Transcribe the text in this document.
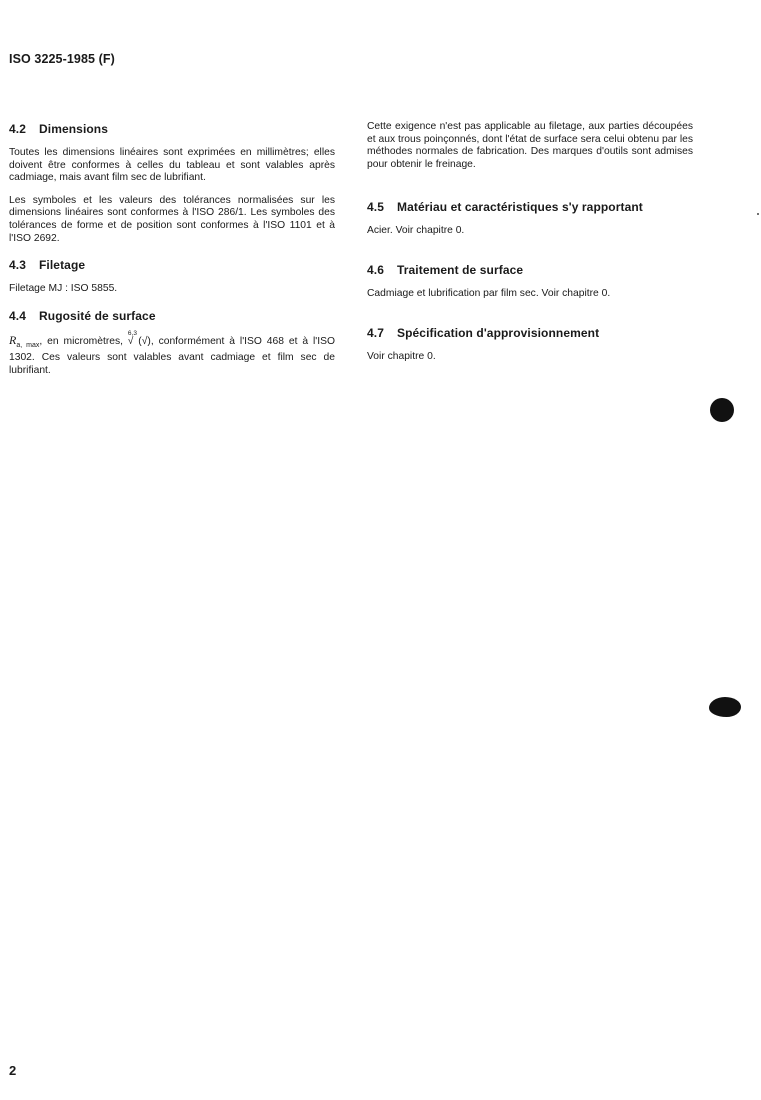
ISO 3225-1985 (F)
4.2 Dimensions

Toutes les dimensions linéaires sont exprimées en millimètres; elles doivent être conformes à celles du tableau et sont valables après cadmiage, mais avant film sec de lubrifiant.

Les symboles et les valeurs des tolérances normalisées sur les dimensions linéaires sont conformes à l'ISO 286/1. Les symboles des tolérances de forme et de position sont conformes à l'ISO 1101 et à l'ISO 2692.

4.3 Filetage

Filetage MJ : ISO 5855.

4.4 Rugosité de surface

$R_{a, max}$, en micromètres,
6,3
√ (√), conformément à l'ISO 468 et à l'ISO 1302. Ces valeurs sont valables avant cadmiage et film sec de lubrifiant.

Cette exigence n'est pas applicable au filetage, aux parties découpées et aux trous poinçonnés, dont l'état de surface sera celui obtenu par les méthodes normales de fabrication. Des marques d'outils sont admises pour obtenir le freinage.

4.5 Matériau et caractéristiques s'y rapportant

Acier. Voir chapitre 0.

4.6 Traitement de surface

Cadmiage et lubrification par film sec. Voir chapitre 0.

4.7 Spécification d'approvisionnement

Voir chapitre 0.

2
